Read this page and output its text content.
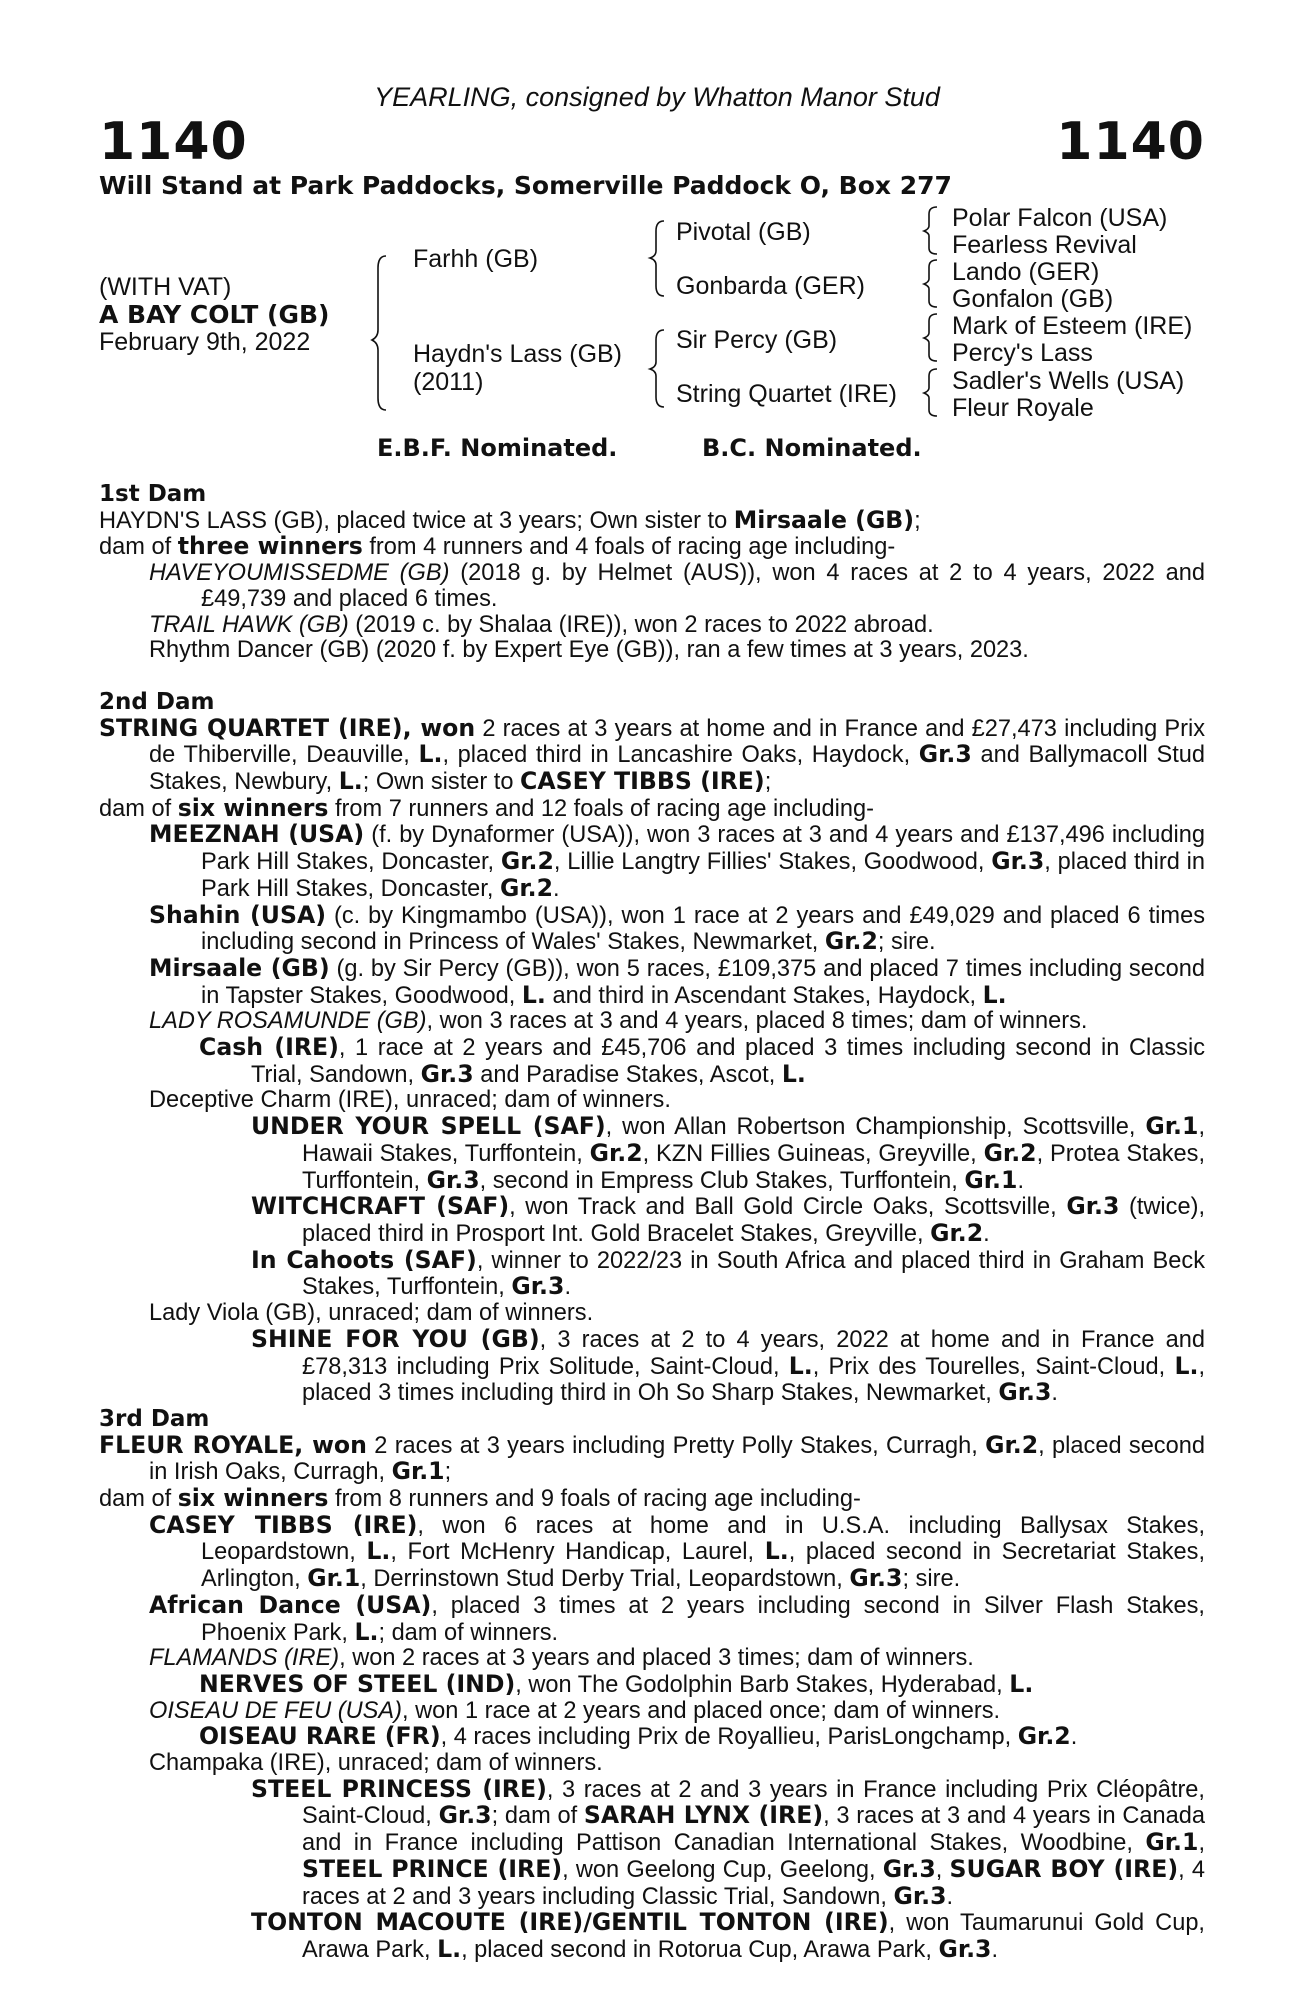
YEARLING, consigned by Whatton Manor Stud
1140	1140
Will Stand at Park Paddocks, Somerville Paddock O, Box 277
(WITH VAT)
A BAY COLT (GB)
February 9th, 2022
Farhh (GB)
Haydn's Lass (GB)
(2011)
Pivotal (GB)
Gonbarda (GER)
Sir Percy (GB)
String Quartet (IRE)
Polar Falcon (USA)
Fearless Revival
Lando (GER)
Gonfalon (GB)
Mark of Esteem (IRE)
Percy's Lass
Sadler's Wells (USA)
Fleur Royale
E.B.F. Nominated.	B.C. Nominated.
1st Dam
HAYDN'S LASS (GB), placed twice at 3 years; Own sister to Mirsaale (GB);
dam of three winners from 4 runners and 4 foals of racing age including-
HAVEYOUMISSEDME (GB) (2018 g. by Helmet (AUS)), won 4 races at 2 to 4 years, 2022 and £49,739 and placed 6 times.
TRAIL HAWK (GB) (2019 c. by Shalaa (IRE)), won 2 races to 2022 abroad.
Rhythm Dancer (GB) (2020 f. by Expert Eye (GB)), ran a few times at 3 years, 2023.
2nd Dam
STRING QUARTET (IRE), won 2 races at 3 years at home and in France and £27,473 including Prix de Thiberville, Deauville, L., placed third in Lancashire Oaks, Haydock, Gr.3 and Ballymacoll Stud Stakes, Newbury, L.; Own sister to CASEY TIBBS (IRE);
dam of six winners from 7 runners and 12 foals of racing age including-
MEEZNAH (USA) (f. by Dynaformer (USA)), won 3 races at 3 and 4 years and £137,496 including Park Hill Stakes, Doncaster, Gr.2, Lillie Langtry Fillies' Stakes, Goodwood, Gr.3, placed third in Park Hill Stakes, Doncaster, Gr.2.
Shahin (USA) (c. by Kingmambo (USA)), won 1 race at 2 years and £49,029 and placed 6 times including second in Princess of Wales' Stakes, Newmarket, Gr.2; sire.
Mirsaale (GB) (g. by Sir Percy (GB)), won 5 races, £109,375 and placed 7 times including second in Tapster Stakes, Goodwood, L. and third in Ascendant Stakes, Haydock, L.
LADY ROSAMUNDE (GB), won 3 races at 3 and 4 years, placed 8 times; dam of winners.
Cash (IRE), 1 race at 2 years and £45,706 and placed 3 times including second in Classic Trial, Sandown, Gr.3 and Paradise Stakes, Ascot, L.
Deceptive Charm (IRE), unraced; dam of winners.
UNDER YOUR SPELL (SAF), won Allan Robertson Championship, Scottsville, Gr.1, Hawaii Stakes, Turffontein, Gr.2, KZN Fillies Guineas, Greyville, Gr.2, Protea Stakes, Turffontein, Gr.3, second in Empress Club Stakes, Turffontein, Gr.1.
WITCHCRAFT (SAF), won Track and Ball Gold Circle Oaks, Scottsville, Gr.3 (twice), placed third in Prosport Int. Gold Bracelet Stakes, Greyville, Gr.2.
In Cahoots (SAF), winner to 2022/23 in South Africa and placed third in Graham Beck Stakes, Turffontein, Gr.3.
Lady Viola (GB), unraced; dam of winners.
SHINE FOR YOU (GB), 3 races at 2 to 4 years, 2022 at home and in France and £78,313 including Prix Solitude, Saint-Cloud, L., Prix des Tourelles, Saint-Cloud, L., placed 3 times including third in Oh So Sharp Stakes, Newmarket, Gr.3.
3rd Dam
FLEUR ROYALE, won 2 races at 3 years including Pretty Polly Stakes, Curragh, Gr.2, placed second in Irish Oaks, Curragh, Gr.1;
dam of six winners from 8 runners and 9 foals of racing age including-
CASEY TIBBS (IRE), won 6 races at home and in U.S.A. including Ballysax Stakes, Leopardstown, L., Fort McHenry Handicap, Laurel, L., placed second in Secretariat Stakes, Arlington, Gr.1, Derrinstown Stud Derby Trial, Leopardstown, Gr.3; sire.
African Dance (USA), placed 3 times at 2 years including second in Silver Flash Stakes, Phoenix Park, L.; dam of winners.
FLAMANDS (IRE), won 2 races at 3 years and placed 3 times; dam of winners.
NERVES OF STEEL (IND), won The Godolphin Barb Stakes, Hyderabad, L.
OISEAU DE FEU (USA), won 1 race at 2 years and placed once; dam of winners.
OISEAU RARE (FR), 4 races including Prix de Royallieu, ParisLongchamp, Gr.2.
Champaka (IRE), unraced; dam of winners.
STEEL PRINCESS (IRE), 3 races at 2 and 3 years in France including Prix Cléopâtre, Saint-Cloud, Gr.3; dam of SARAH LYNX (IRE), 3 races at 3 and 4 years in Canada and in France including Pattison Canadian International Stakes, Woodbine, Gr.1, STEEL PRINCE (IRE), won Geelong Cup, Geelong, Gr.3, SUGAR BOY (IRE), 4 races at 2 and 3 years including Classic Trial, Sandown, Gr.3.
TONTON MACOUTE (IRE)/GENTIL TONTON (IRE), won Taumarunui Gold Cup, Arawa Park, L., placed second in Rotorua Cup, Arawa Park, Gr.3.
